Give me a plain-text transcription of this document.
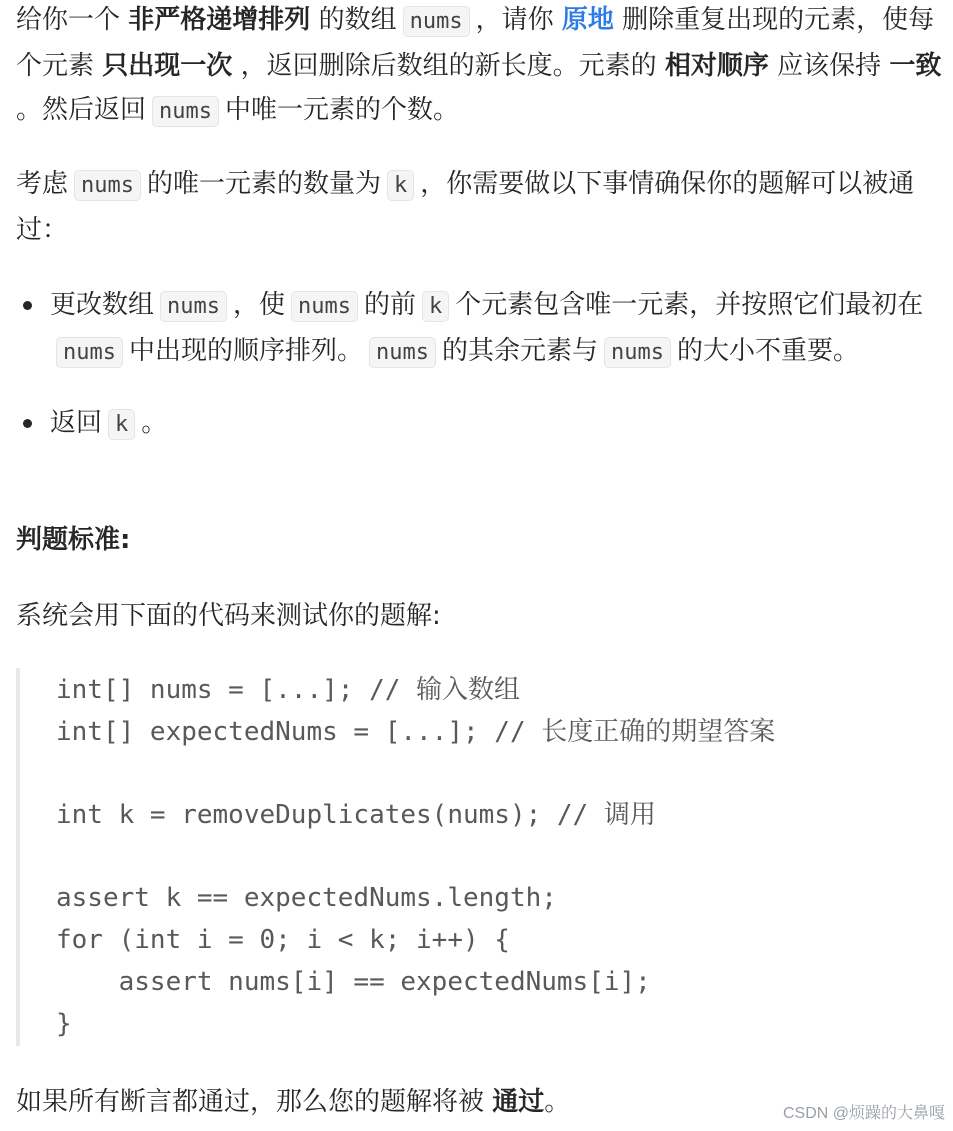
给你一个 非严格递增排列 的数组 nums ，请你 原地 删除重复出现的元素，使每个元素 只出现一次 ，返回删除后数组的新长度。元素的 相对顺序 应该保持 一致 。然后返回 nums 中唯一元素的个数。

考虑 nums 的唯一元素的数量为 k ，你需要做以下事情确保你的题解可以被通过：

更改数组 nums ，使 nums 的前 k 个元素包含唯一元素，并按照它们最初在nums 中出现的顺序排列。 nums 的其余元素与 nums 的大小不重要。
返回 k 。
判题标准:

系统会用下面的代码来测试你的题解:

int[] nums = [...]; // 输入数组
int[] expectedNums = [...]; // 长度正确的期望答案
int k = removeDuplicates(nums); // 调用
assert k == expectedNums.length;
for (int i = 0; i < k; i++) {
assert nums[i] == expectedNums[i];
}

如果所有断言都通过，那么您的题解将被 通过。	CSDN @烦躁的大鼻嘎
